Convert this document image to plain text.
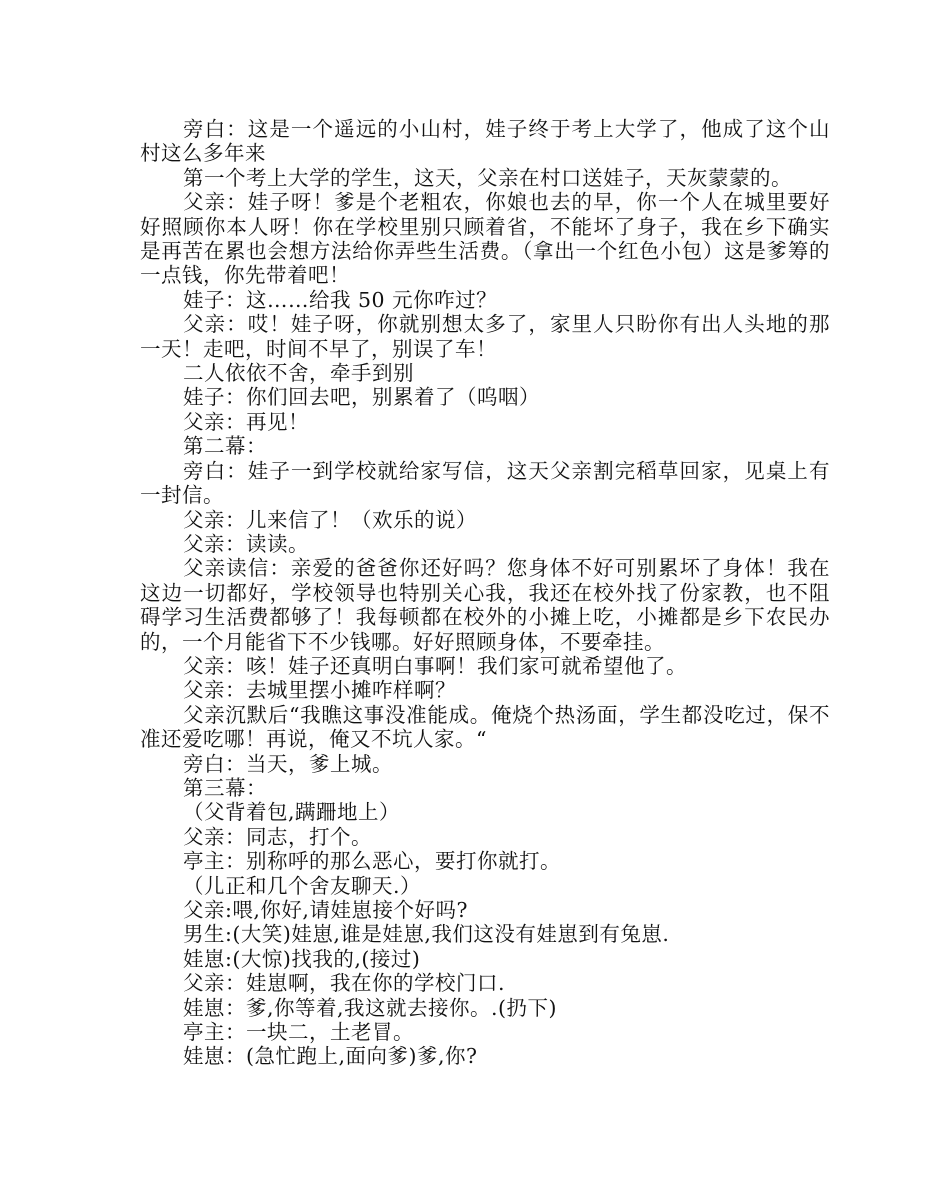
旁白：这是一个遥远的小山村，娃子终于考上大学了，他成了这个山村这么多年来

第一个考上大学的学生，这天，父亲在村口送娃子，天灰蒙蒙的。

父亲：娃子呀！爹是个老粗农，你娘也去的早，你一个人在城里要好好照顾你本人呀！你在学校里别只顾着省，不能坏了身子，我在乡下确实是再苦在累也会想方法给你弄些生活费。（拿出一个红色小包）这是爹筹的一点钱，你先带着吧！

娃子：这……给我 50 元你咋过？

父亲：哎！娃子呀，你就别想太多了，家里人只盼你有出人头地的那一天！走吧，时间不早了，别误了车！

二人依依不舍，牵手到别

娃子：你们回去吧，别累着了（呜咽）

父亲：再见！

第二幕：

旁白：娃子一到学校就给家写信，这天父亲割完稻草回家，见桌上有一封信。

父亲：儿来信了！（欢乐的说）

父亲：读读。

父亲读信：亲爱的爸爸你还好吗？您身体不好可别累坏了身体！我在这边一切都好，学校领导也特别关心我，我还在校外找了份家教，也不阻碍学习生活费都够了！我每顿都在校外的小摊上吃，小摊都是乡下农民办的，一个月能省下不少钱哪。好好照顾身体，不要牵挂。

父亲：咳！娃子还真明白事啊！我们家可就希望他了。

父亲：去城里摆小摊咋样啊？

父亲沉默后“我瞧这事没准能成。俺烧个热汤面，学生都没吃过，保不准还爱吃哪！再说，俺又不坑人家。“

旁白：当天，爹上城。

第三幕：

（父背着包,蹒跚地上）

父亲：同志，打个。

亭主：别称呼的那么恶心，要打你就打。

（儿正和几个舍友聊天.）

父亲:喂,你好,请娃崽接个好吗?

男生:(大笑)娃崽,谁是娃崽,我们这没有娃崽到有兔崽.

娃崽:(大惊)找我的,(接过)

父亲：娃崽啊，我在你的学校门口.

娃崽：爹,你等着,我这就去接你。.(扔下)

亭主：一块二，土老冒。

娃崽：(急忙跑上,面向爹)爹,你?
